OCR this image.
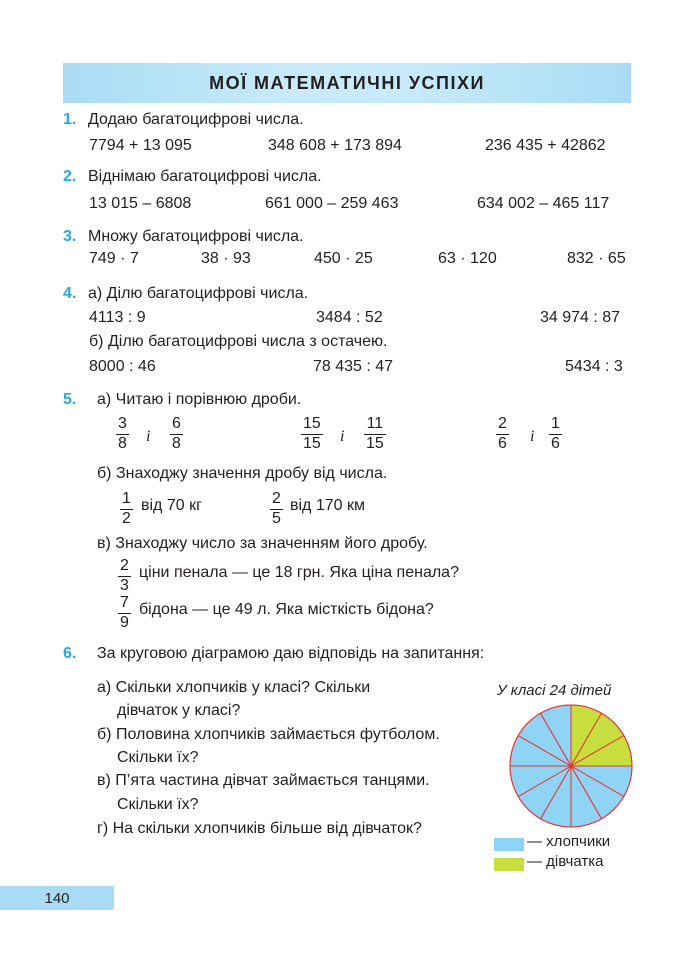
МОЇ МАТЕМАТИЧНІ УСПІХИ
1. Додаю багатоцифрові числа.
7794 + 13 095	348 608 + 173 894	236 435 + 42862
2. Віднімаю багатоцифрові числа.
13 015 – 6808	661 000 – 259 463	634 002 – 465 117
3. Множу багатоцифрові числа.
749 · 7	38 · 93	450 · 25	63 · 120	832 · 65
4. а) Ділю багатоцифрові числа.
4113 : 9	3484 : 52	34 974 : 87
б) Ділю багатоцифрові числа з остачею.
8000 : 46	78 435 : 47	5434 : 3
5. а) Читаю і порівнюю дроби.
3
8 і
6
8
15
15 і
11
15
2
6 і
1
6
б) Знаходжу значення дробу від числа.
1
2
від 70 кг	2
5
від 170 км
в) Знаходжу число за значенням його дробу.
2
3
ціни пенала — це 18 грн. Яка ціна пенала?
7
9
бідона — це 49 л. Яка місткість бідона?
6. За круговою діаграмою даю відповідь на запитання:
а) Скільки хлопчиків у класі? Скільки
дівчаток у класі?
б) Половина хлопчиків займається футболом.
Скільки їх?
в) П’ята частина дівчат займається танцями.
Скільки їх?
г) На скільки хлопчиків більше від дівчаток?
У класі 24 дітей
— хлопчики
— дівчатка
140
